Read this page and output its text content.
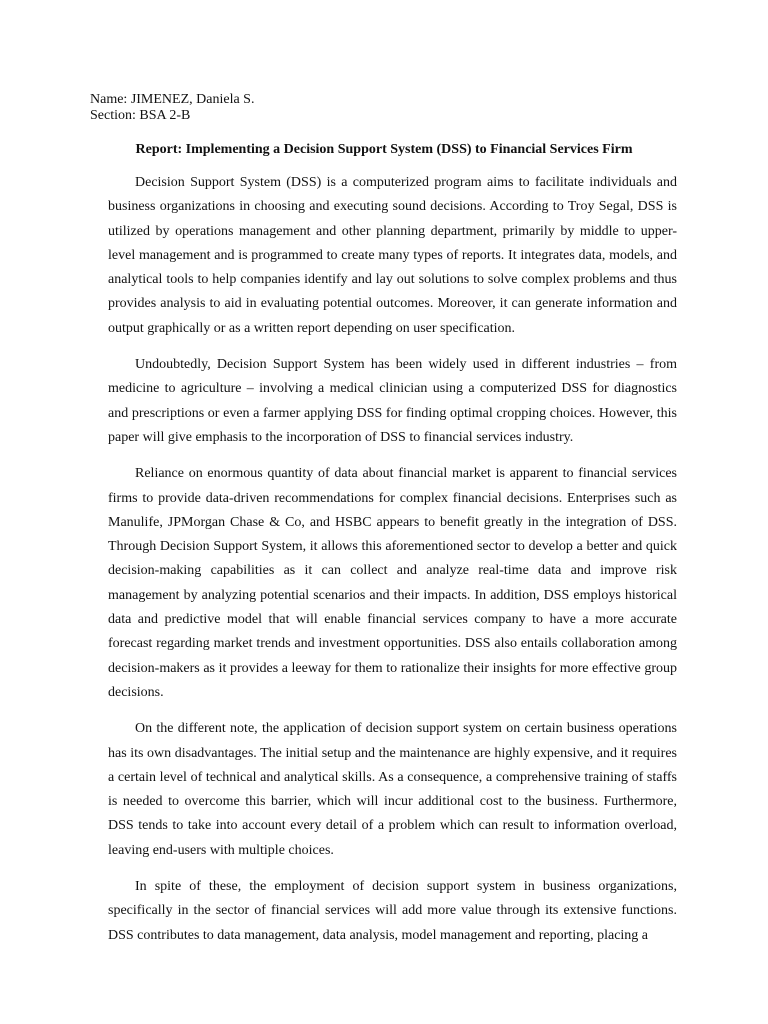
Name: JIMENEZ, Daniela S.
Section: BSA 2-B
Report: Implementing a Decision Support System (DSS) to Financial Services Firm

Decision Support System (DSS) is a computerized program aims to facilitate individuals and business organizations in choosing and executing sound decisions. According to Troy Segal, DSS is utilized by operations management and other planning department, primarily by middle to upper-level management and is programmed to create many types of reports. It integrates data, models, and analytical tools to help companies identify and lay out solutions to solve complex problems and thus provides analysis to aid in evaluating potential outcomes. Moreover, it can generate information and output graphically or as a written report depending on user specification.

Undoubtedly, Decision Support System has been widely used in different industries – from medicine to agriculture – involving a medical clinician using a computerized DSS for diagnostics and prescriptions or even a farmer applying DSS for finding optimal cropping choices. However, this paper will give emphasis to the incorporation of DSS to financial services industry.

Reliance on enormous quantity of data about financial market is apparent to financial services firms to provide data-driven recommendations for complex financial decisions. Enterprises such as Manulife, JPMorgan Chase & Co, and HSBC appears to benefit greatly in the integration of DSS. Through Decision Support System, it allows this aforementioned sector to develop a better and quick decision-making capabilities as it can collect and analyze real-time data and improve risk management by analyzing potential scenarios and their impacts. In addition, DSS employs historical data and predictive model that will enable financial services company to have a more accurate forecast regarding market trends and investment opportunities. DSS also entails collaboration among decision-makers as it provides a leeway for them to rationalize their insights for more effective group decisions.

On the different note, the application of decision support system on certain business operations has its own disadvantages. The initial setup and the maintenance are highly expensive, and it requires a certain level of technical and analytical skills. As a consequence, a comprehensive training of staffs is needed to overcome this barrier, which will incur additional cost to the business. Furthermore, DSS tends to take into account every detail of a problem which can result to information overload, leaving end-users with multiple choices.

In spite of these, the employment of decision support system in business organizations, specifically in the sector of financial services will add more value through its extensive functions. DSS contributes to data management, data analysis, model management and reporting, placing a
